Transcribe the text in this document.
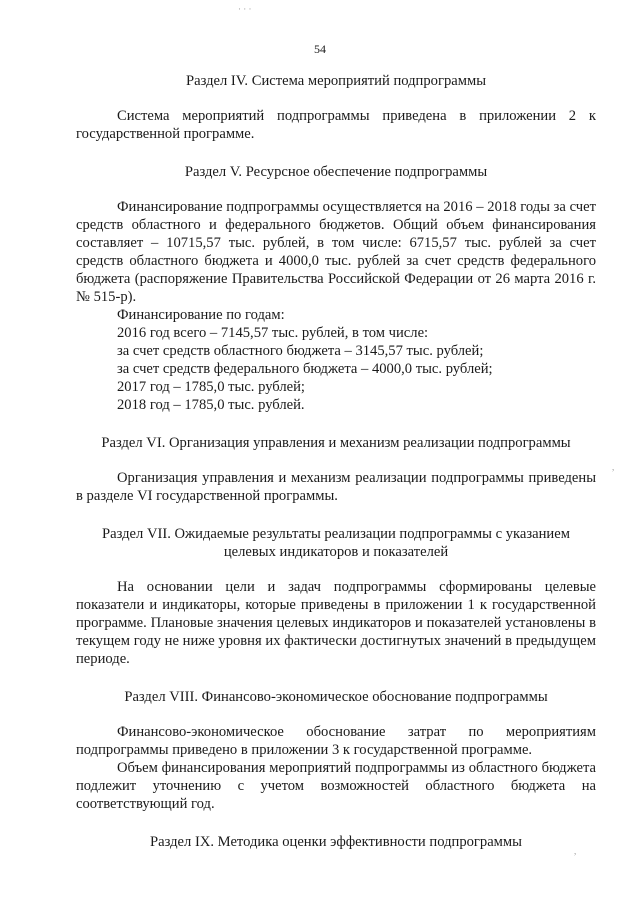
54

Раздел IV. Система мероприятий подпрограммы

Система мероприятий подпрограммы приведена в приложении 2 к государственной программе.

Раздел V. Ресурсное обеспечение подпрограммы

Финансирование подпрограммы осуществляется на 2016 – 2018 годы за счет средств областного и федерального бюджетов. Общий объем финансирования составляет – 10715,57 тыс. рублей, в том числе: 6715,57 тыс. рублей за счет средств областного бюджета и 4000,0 тыс. рублей за счет средств федерального бюджета (распоряжение Правительства Российской Федерации от 26 марта 2016 г. № 515-р).

Финансирование по годам:

2016 год всего – 7145,57 тыс. рублей, в том числе:
за счет средств областного бюджета – 3145,57 тыс. рублей;
за счет средств федерального бюджета – 4000,0 тыс. рублей;
2017 год – 1785,0 тыс. рублей;
2018 год – 1785,0 тыс. рублей.

Раздел VI. Организация управления и механизм реализации подпрограммы

Организация управления и механизм реализации подпрограммы приведены в разделе VI государственной программы.

Раздел VII. Ожидаемые результаты реализации подпрограммы с указанием

целевых индикаторов и показателей

На основании цели и задач подпрограммы сформированы целевые показатели и индикаторы, которые приведены в приложении 1 к государственной программе. Плановые значения целевых индикаторов и показателей установлены в текущем году не ниже уровня их фактически достигнутых значений в предыдущем периоде.

Раздел VIII. Финансово-экономическое обоснование подпрограммы

Финансово-экономическое обоснование затрат по мероприятиям подпрограммы приведено в приложении 3 к государственной программе.

Объем финансирования мероприятий подпрограммы из областного бюджета подлежит уточнению с учетом возможностей областного бюджета на соответствующий год.

Раздел IX. Методика оценки эффективности подпрограммы

· · ·
,
,
